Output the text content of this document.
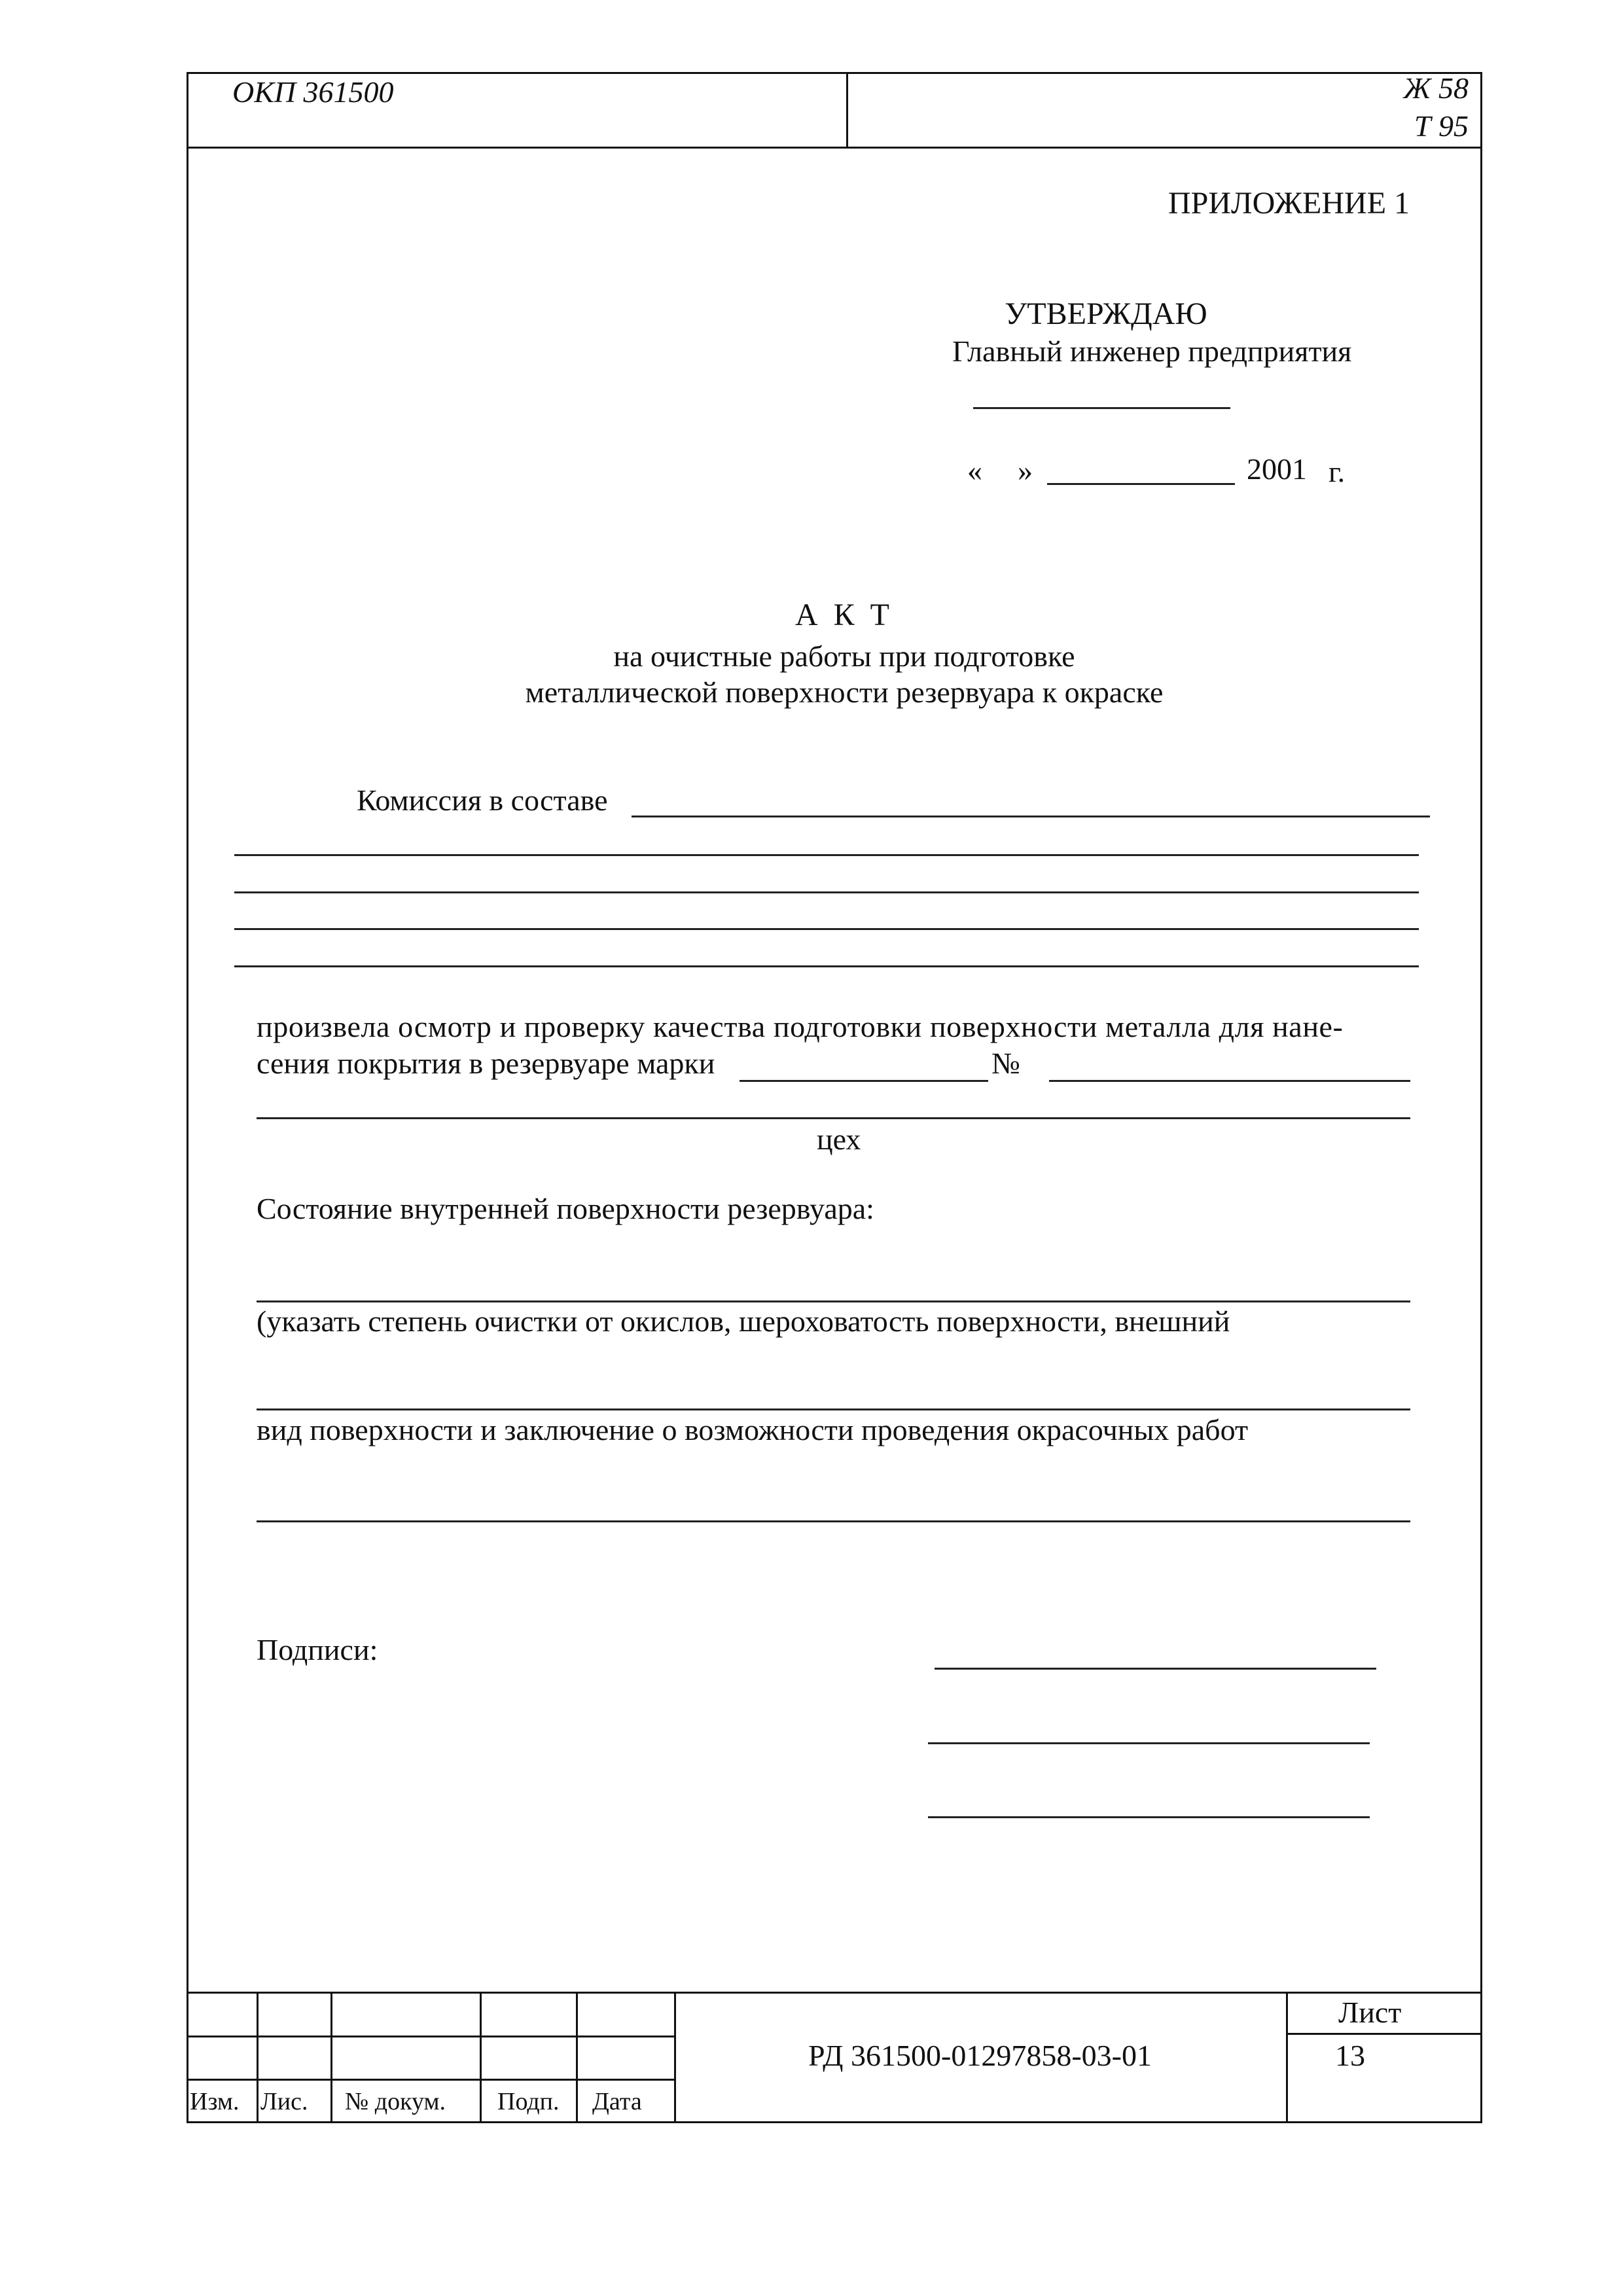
ОКП 361500	Ж 58
Т 95
ПРИЛОЖЕНИЕ 1
УТВЕРЖДАЮ
Главный инженер предприятия
« »	2001 г.
А К Т
на очистные работы при подготовке
металлической поверхности резервуара к окраске
Комиссия в составе
произвела осмотр и проверку качества подготовки поверхности металла для нане-
сения покрытия в резервуаре марки	№
цех
Состояние внутренней поверхности резервуара:
(указать степень очистки от окислов, шероховатость поверхности, внешний
вид поверхности и заключение о возможности проведения окрасочных работ
Подписи:
Изм. Лис. № докум. Подп. Дата
РД 361500-01297858-03-01
Лист
13
